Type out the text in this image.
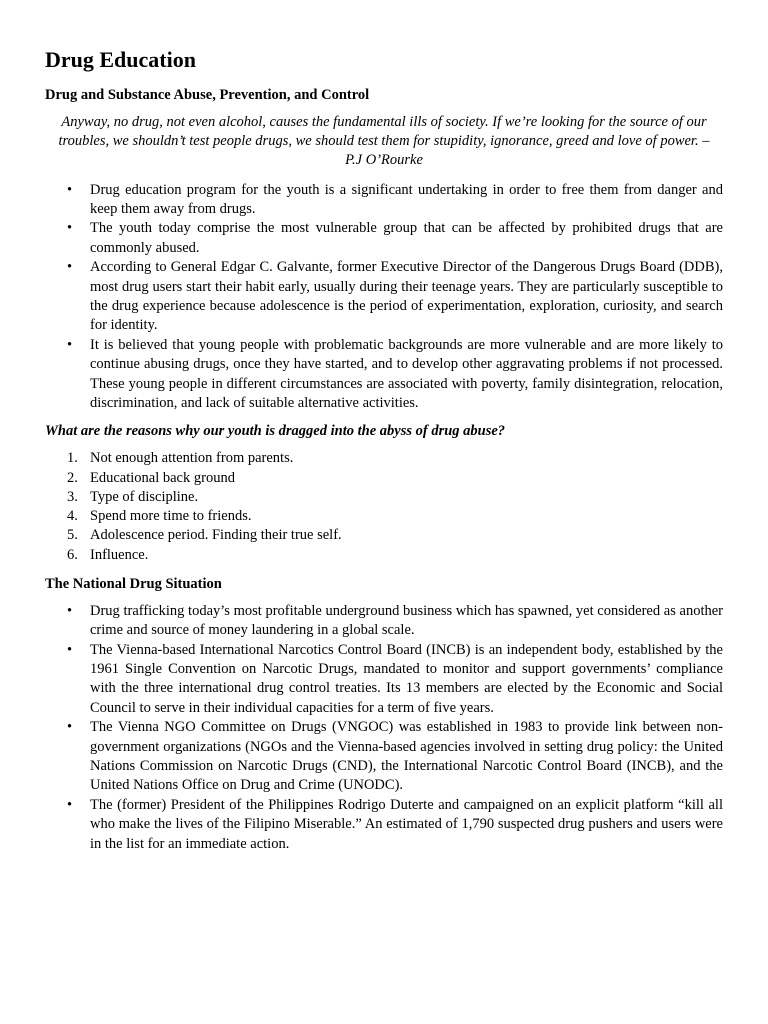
Drug Education
Drug and Substance Abuse, Prevention, and Control

Anyway, no drug, not even alcohol, causes the fundamental ills of society. If we’re looking for the source of our troubles, we shouldn’t test people drugs, we should test them for stupidity, ignorance, greed and love of power. –
P.J O’Rourke

• Drug education program for the youth is a significant undertaking in order to free them from danger and keep them away from drugs.
• The youth today comprise the most vulnerable group that can be affected by prohibited drugs that are commonly abused.
• According to General Edgar C. Galvante, former Executive Director of the Dangerous Drugs Board (DDB), most drug users start their habit early, usually during their teenage years. They are particularly susceptible to the drug experience because adolescence is the period of experimentation, exploration, curiosity, and search for identity.
• It is believed that young people with problematic backgrounds are more vulnerable and are more likely to continue abusing drugs, once they have started, and to develop other aggravating problems if not processed. These young people in different circumstances are associated with poverty, family disintegration, relocation, discrimination, and lack of suitable alternative activities.

What are the reasons why our youth is dragged into the abyss of drug abuse?

1. Not enough attention from parents.
2. Educational back ground
3. Type of discipline.
4. Spend more time to friends.
5. Adolescence period. Finding their true self.
6. Influence.
The National Drug Situation
• Drug trafficking today’s most profitable underground business which has spawned, yet considered as another crime and source of money laundering in a global scale.
• The Vienna-based International Narcotics Control Board (INCB) is an independent body, established by the 1961 Single Convention on Narcotic Drugs, mandated to monitor and support governments’ compliance with the three international drug control treaties. Its 13 members are elected by the Economic and Social Council to serve in their individual capacities for a term of five years.
• The Vienna NGO Committee on Drugs (VNGOC) was established in 1983 to provide link between non-government organizations (NGOs and the Vienna-based agencies involved in setting drug policy: the United Nations Commission on Narcotic Drugs (CND), the International Narcotic Control Board (INCB), and the United Nations Office on Drug and Crime (UNODC).
• The (former) President of the Philippines Rodrigo Duterte and campaigned on an explicit platform “kill all who make the lives of the Filipino Miserable.” An estimated of 1,790 suspected drug pushers and users were in the list for an immediate action.
